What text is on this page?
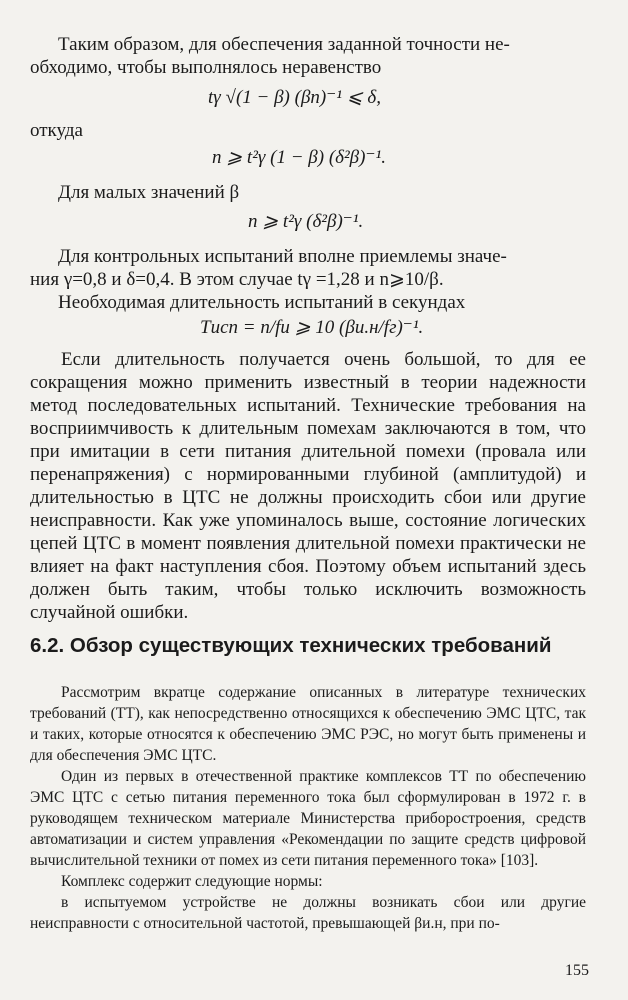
Таким образом, для обеспечения заданной точности не-
обходимо, чтобы выполнялось неравенство
tγ √(1 − β) (βn)⁻¹ ⩽ δ,
откуда
n ⩾ t²γ (1 − β) (δ²β)⁻¹.
Для малых значений β
n ⩾ t²γ (δ²β)⁻¹.
Для контрольных испытаний вполне приемлемы значе-
ния γ=0,8 и δ=0,4. В этом случае tγ =1,28 и n⩾10/β.
Необходимая длительность испытаний в секундах
Tисп = n/fи ⩾ 10 (βи.н/fг)⁻¹.

Если длительность получается очень большой, то для ее сокращения можно применить известный в теории надежности метод последовательных испытаний. Технические требования на восприимчивость к длительным помехам заключаются в том, что при имитации в сети питания длительной помехи (провала или перенапряжения) с нормированными глубиной (амплитудой) и длительностью в ЦТС не должны происходить сбои или другие неисправности. Как уже упоминалось выше, состояние логических цепей ЦТС в момент появления длительной помехи практически не влияет на факт наступления сбоя. Поэтому объем испытаний здесь должен быть таким, чтобы только исключить возможность случайной ошибки.

6.2. Обзор существующих технических требований

Рассмотрим вкратце содержание описанных в литературе технических требований (ТТ), как непосредственно относящихся к обеспечению ЭМС ЦТС, так и таких, которые относятся к обеспечению ЭМС РЭС, но могут быть применены и для обеспечения ЭМС ЦТС.

Один из первых в отечественной практике комплексов ТТ по обеспечению ЭМС ЦТС с сетью питания переменного тока был сформулирован в 1972 г. в руководящем техническом материале Министерства приборостроения, средств автоматизации и систем управления «Рекомендации по защите средств цифровой вычислительной техники от помех из сети питания переменного тока» [103].

Комплекс содержит следующие нормы:

в испытуемом устройстве не должны возникать сбои или другие неисправности с относительной частотой, превышающей βи.н, при по-

155
